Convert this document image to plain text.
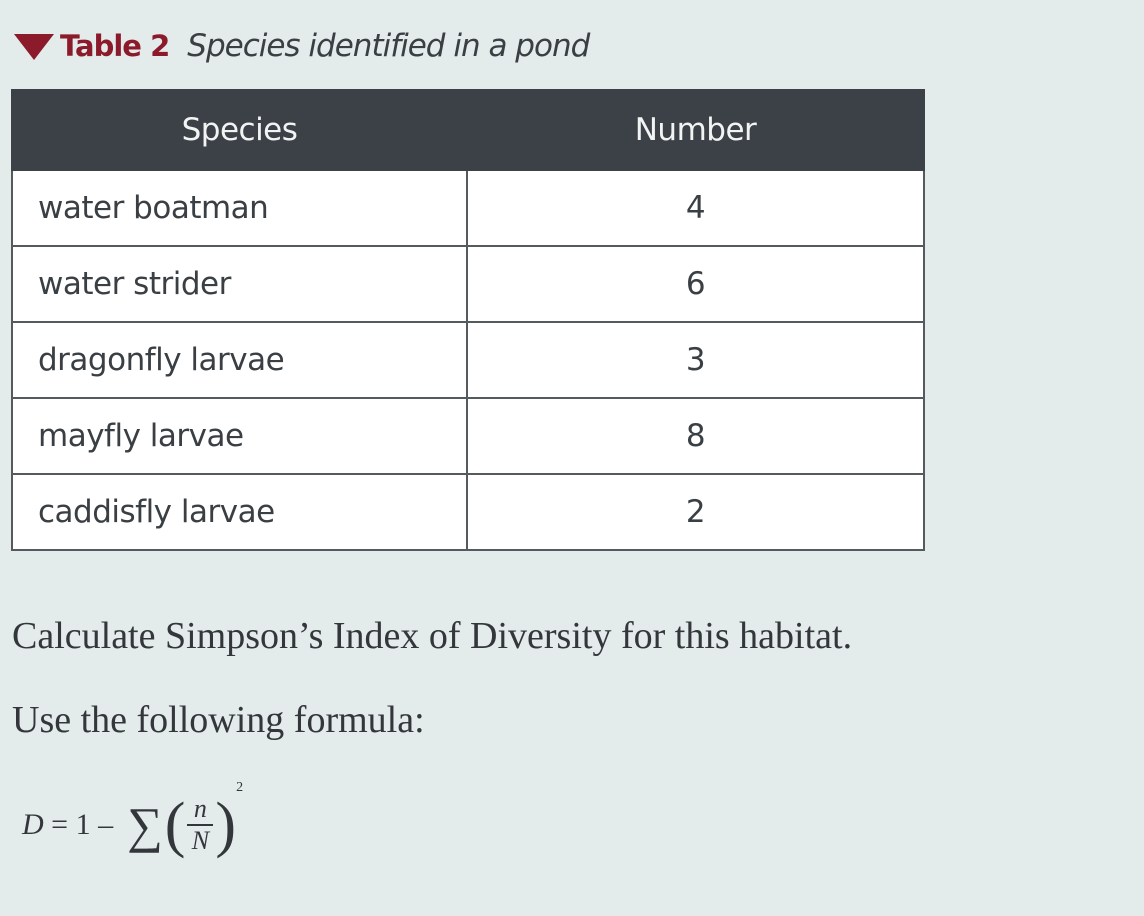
Table 2 Species identified in a pond
Species	Number
water boatman	4
water strider	6
dragonfly larvae	3
mayfly larvae	8
caddisfly larvae	2
Calculate Simpson’s Index of Diversity for this habitat.
Use the following formula:
D = 1 – ∑ ( $\frac{n}{N}$ )
2
